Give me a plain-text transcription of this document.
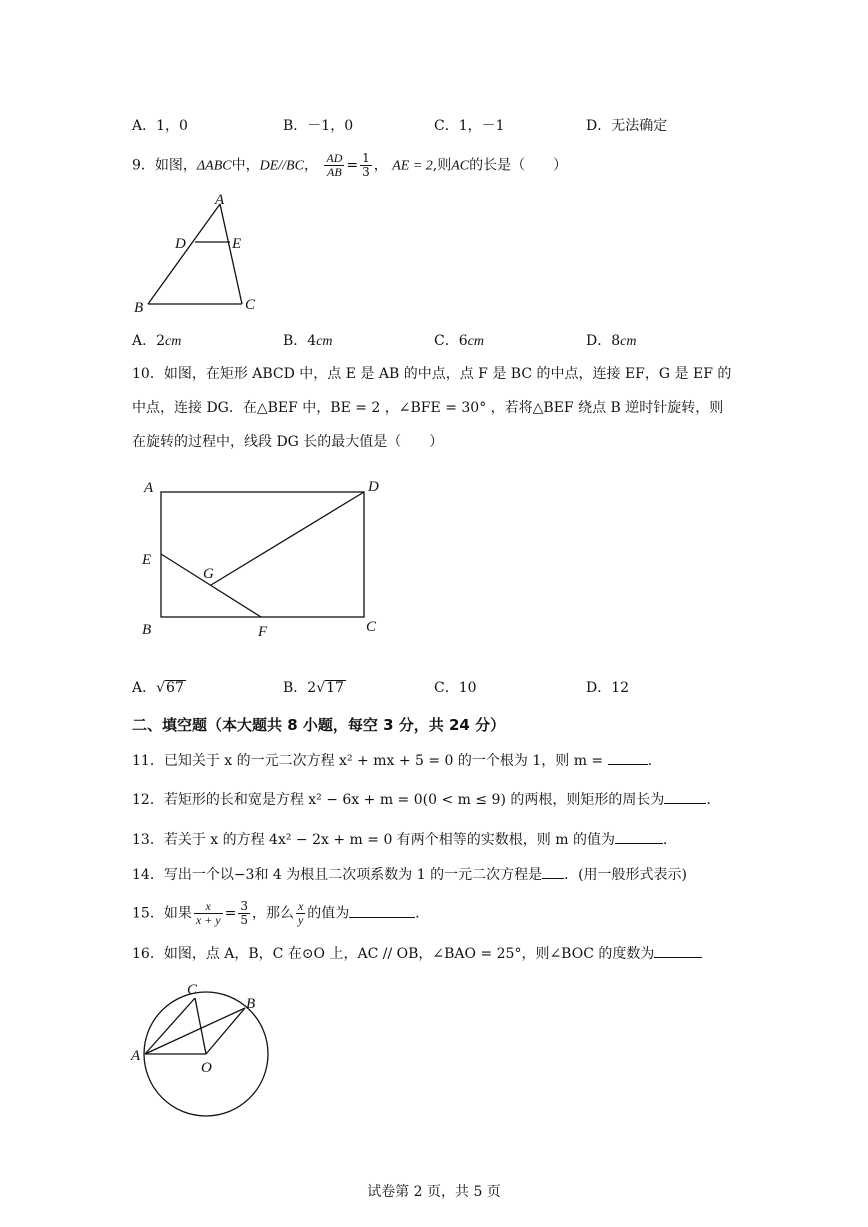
A．1，0	B．－1，0	C．1，－1	D．无法确定
9．如图，ΔABC中，DE//BC， $\frac{AD}{AB} = \frac{1}{3}$ ， AE = 2,则AC的长是（　　）
A
D	E
B	C
A．2cm	B．4cm	C．6cm	D．8cm
10．如图，在矩形 ABCD 中，点 E 是 AB 的中点，点 F 是 BC 的中点，连接 EF，G 是 EF 的
中点，连接 DG．在△BEF 中，BE = 2 ，∠BFE = 30° ，若将△BEF 绕点 B 逆时针旋转，则
在旋转的过程中，线段 DG 长的最大值是（　　）
A	D
E
G
B	F	C
A．√67	B．2√17	C．10	D．12
二、填空题（本大题共 8 小题，每空 3 分，共 24 分）
11．已知关于 x 的一元二次方程 x² + mx + 5 = 0 的一个根为 1，则 m =	．
12．若矩形的长和宽是方程 x² − 6x + m = 0(0 < m ≤ 9) 的两根，则矩形的周长为	．
13．若关于 x 的方程 4x² − 2x + m = 0 有两个相等的实数根，则 m 的值为	．
14．写出一个以−3和 4 为根且二次项系数为 1 的一元二次方程是 ．(用一般形式表示)
15．如果 $\frac{x}{x + y} = \frac{3}{5}$ ，那么 $\frac{x}{y}$ 的值为	．
16．如图，点 A，B，C 在⊙O 上，AC // OB，∠BAO = 25°，则∠BOC 的度数为
C
B
A
O
试卷第 2 页，共 5 页
